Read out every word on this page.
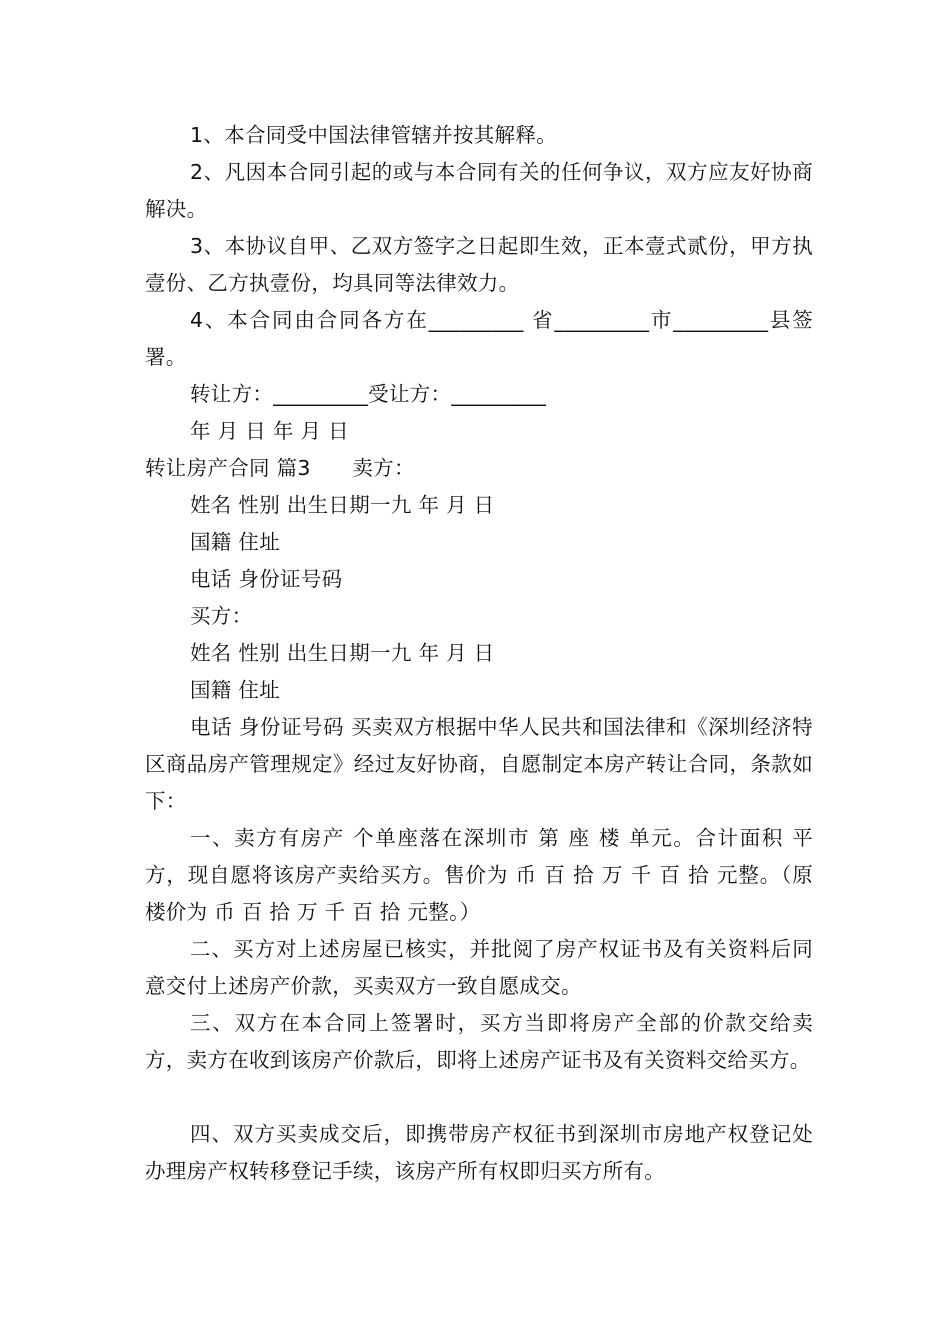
1、本合同受中国法律管辖并按其解释。

2、凡因本合同引起的或与本合同有关的任何争议，双方应友好协商解决。

3、本协议自甲、乙双方签字之日起即生效，正本壹式贰份，甲方执壹份、乙方执壹份，均具同等法律效力。

4、本合同由合同各方在_________ 省_________市_________县签署。

转让方：_________受让方：_________

年 月 日 年 月 日

转让房产合同 篇3　　卖方：

姓名 性别 出生日期一九 年 月 日

国籍 住址

电话 身份证号码

买方：

姓名 性别 出生日期一九 年 月 日

国籍 住址

电话 身份证号码 买卖双方根据中华人民共和国法律和《深圳经济特区商品房产管理规定》经过友好协商，自愿制定本房产转让合同，条款如下：

一、卖方有房产 个单座落在深圳市 第 座 楼 单元。合计面积 平方，现自愿将该房产卖给买方。售价为 币 百 拾 万 千 百 拾 元整。（原楼价为 币 百 拾 万 千 百 拾 元整。）

二、买方对上述房屋已核实，并批阅了房产权证书及有关资料后同意交付上述房产价款，买卖双方一致自愿成交。

三、双方在本合同上签署时，买方当即将房产全部的价款交给卖方，卖方在收到该房产价款后，即将上述房产证书及有关资料交给买方。

四、双方买卖成交后，即携带房产权征书到深圳市房地产权登记处办理房产权转移登记手续，该房产所有权即归买方所有。
